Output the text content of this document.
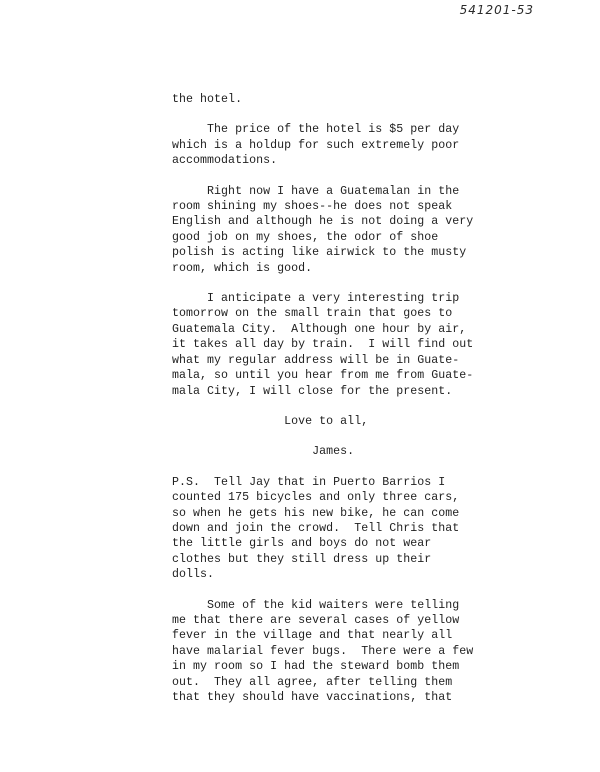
541201-53
the hotel.
The price of the hotel is $5 per day
which is a holdup for such extremely poor
accommodations.
Right now I have a Guatemalan in the
room shining my shoes--he does not speak
English and although he is not doing a very
good job on my shoes, the odor of shoe
polish is acting like airwick to the musty
room, which is good.
I anticipate a very interesting trip
tomorrow on the small train that goes to
Guatemala City.  Although one hour by air,
it takes all day by train.  I will find out
what my regular address will be in Guate-
mala, so until you hear from me from Guate-
mala City, I will close for the present.
Love to all,
James.
P.S.  Tell Jay that in Puerto Barrios I
counted 175 bicycles and only three cars,
so when he gets his new bike, he can come
down and join the crowd.  Tell Chris that
the little girls and boys do not wear
clothes but they still dress up their
dolls.
Some of the kid waiters were telling
me that there are several cases of yellow
fever in the village and that nearly all
have malarial fever bugs.  There were a few
in my room so I had the steward bomb them
out.  They all agree, after telling them
that they should have vaccinations, that
